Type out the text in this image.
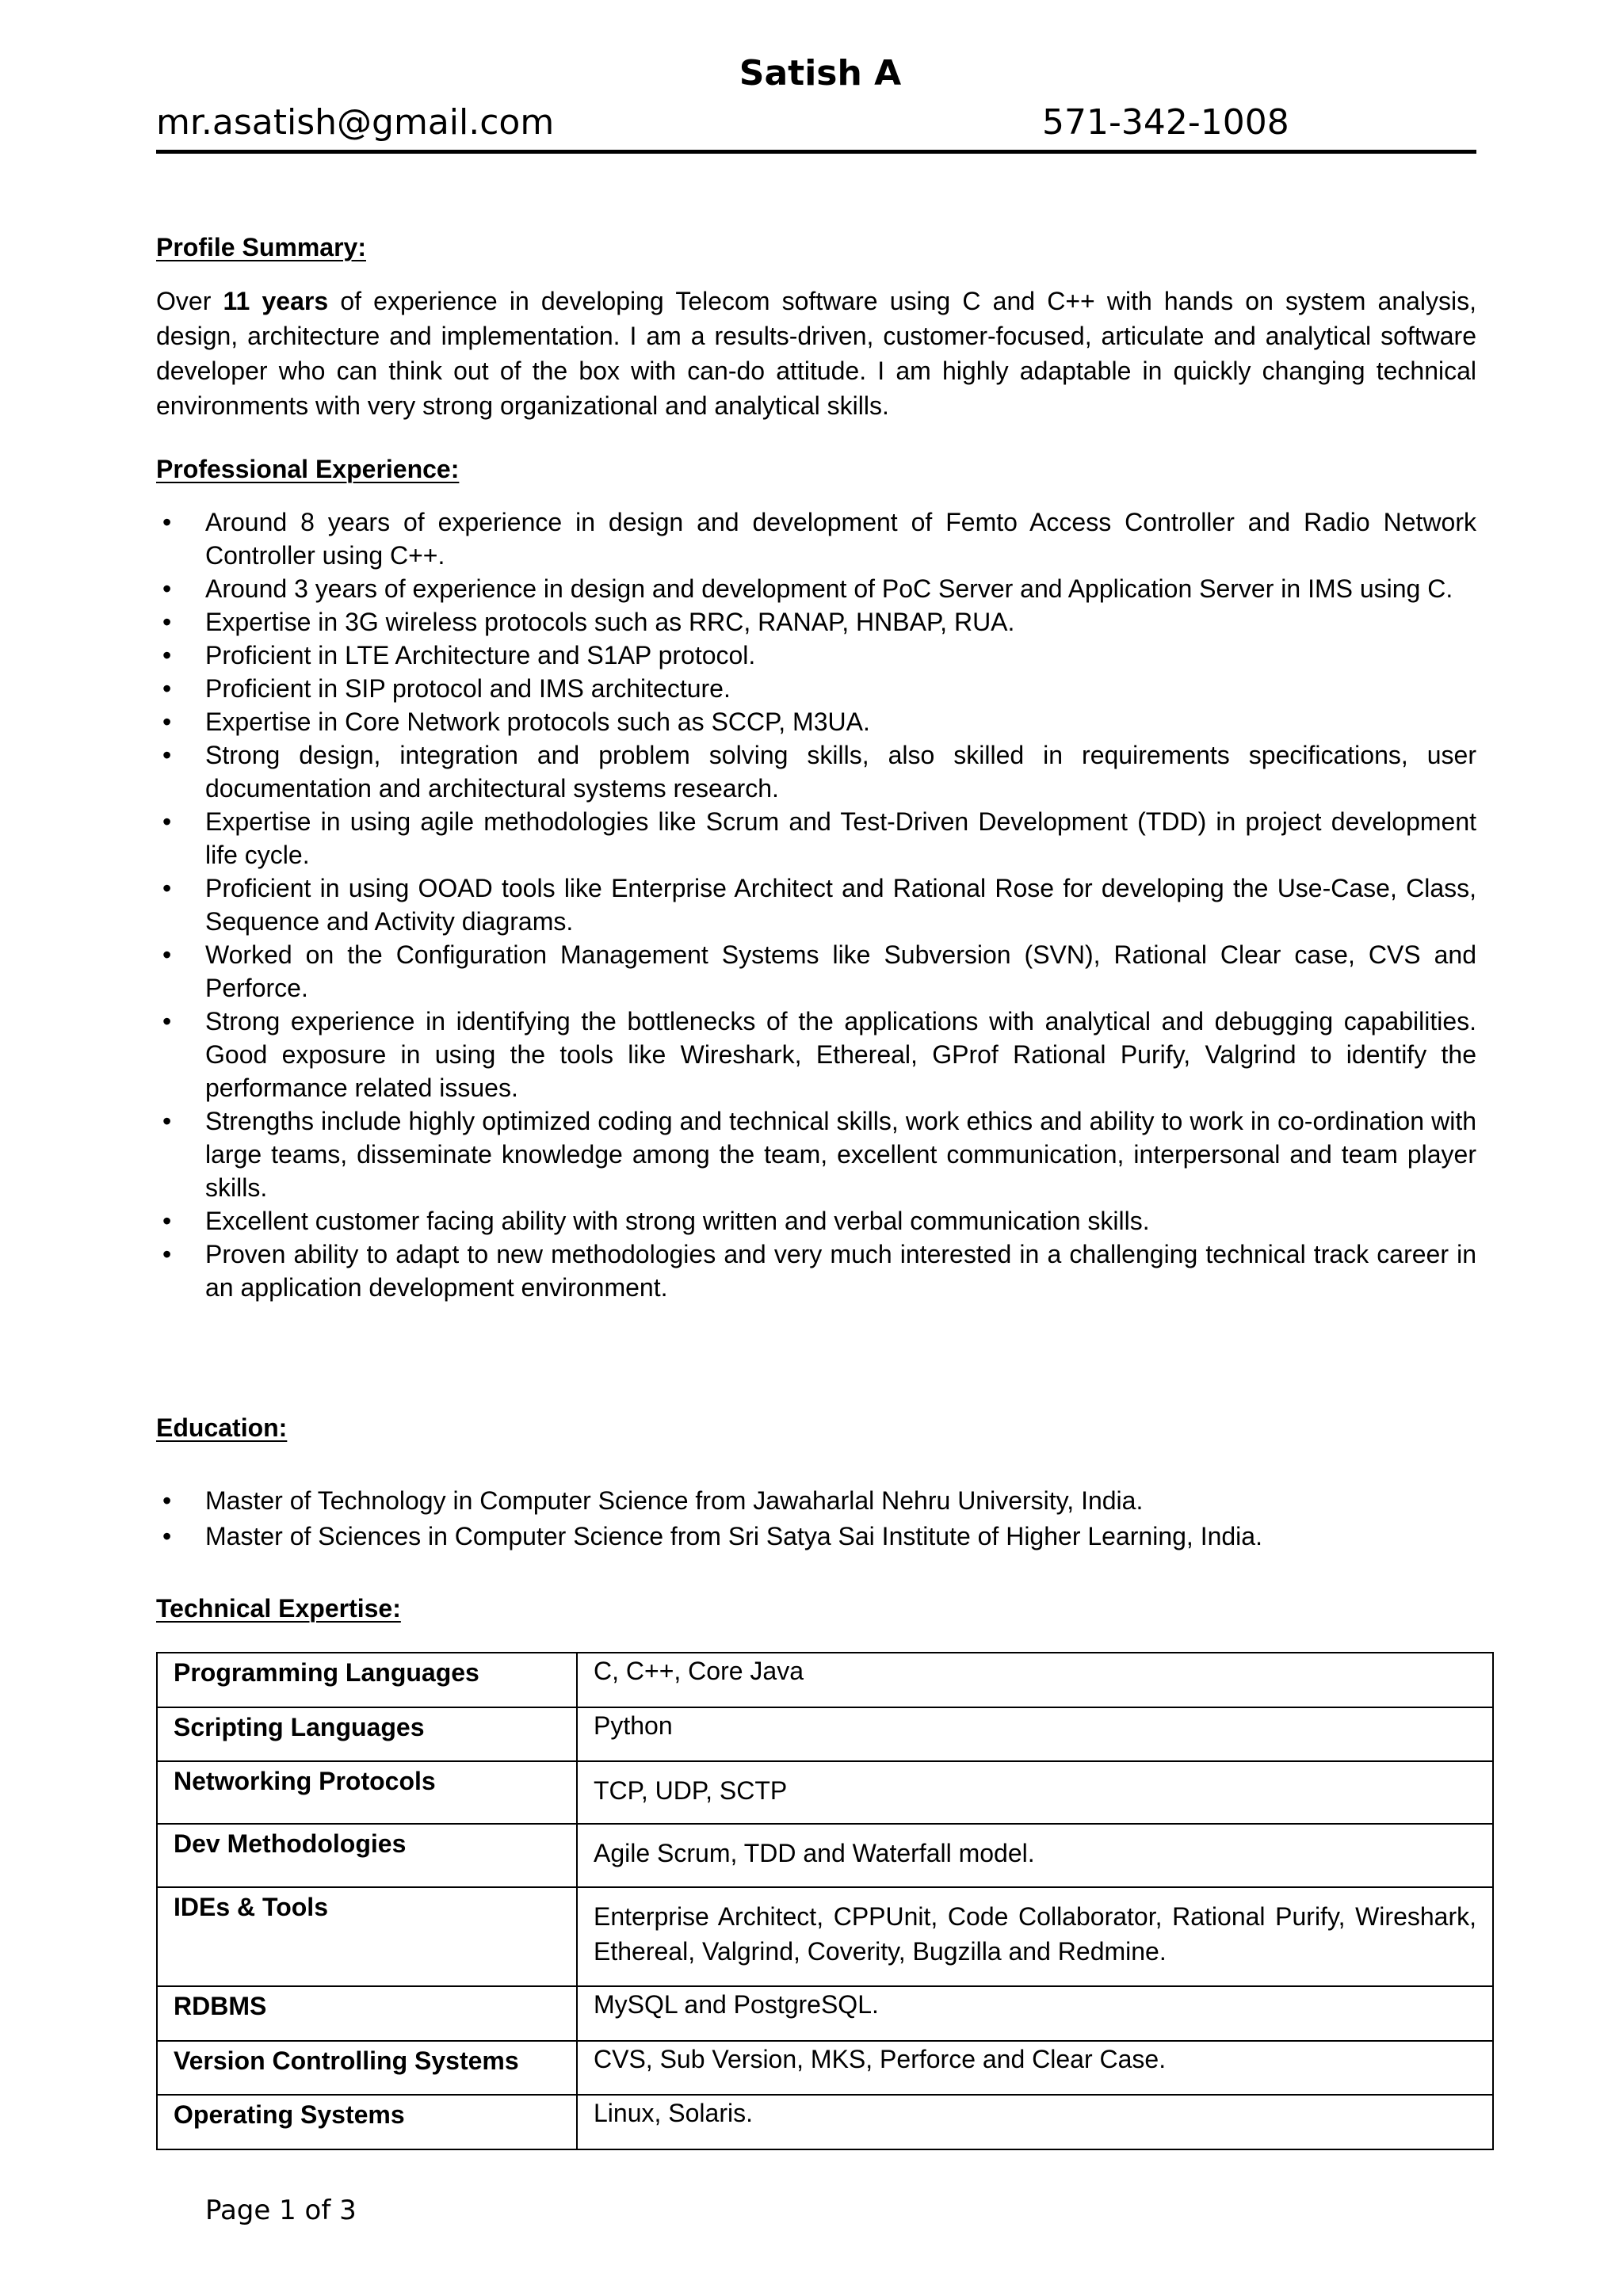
Satish A
mr.asatish@gmail.com	571-342-1008
Profile Summary:
Over 11 years of experience in developing Telecom software using C and C++ with hands on system analysis, design, architecture and implementation. I am a results-driven, customer-focused, articulate and analytical software developer who can think out of the box with can-do attitude. I am highly adaptable in quickly changing technical environments with very strong organizational and analytical skills.
Professional Experience:
• Around 8 years of experience in design and development of Femto Access Controller and Radio Network Controller using C++.
• Around 3 years of experience in design and development of PoC Server and Application Server in IMS using C.
• Expertise in 3G wireless protocols such as RRC, RANAP, HNBAP, RUA.
• Proficient in LTE Architecture and S1AP protocol.
• Proficient in SIP protocol and IMS architecture.
• Expertise in Core Network protocols such as SCCP, M3UA.
• Strong design, integration and problem solving skills, also skilled in requirements specifications, user documentation and architectural systems research.
• Expertise in using agile methodologies like Scrum and Test-Driven Development (TDD) in project development life cycle.
• Proficient in using OOAD tools like Enterprise Architect and Rational Rose for developing the Use-Case, Class, Sequence and Activity diagrams.
• Worked on the Configuration Management Systems like Subversion (SVN), Rational Clear case, CVS and Perforce.
• Strong experience in identifying the bottlenecks of the applications with analytical and debugging capabilities. Good exposure in using the tools like Wireshark, Ethereal, GProf Rational Purify, Valgrind to identify the performance related issues.
• Strengths include highly optimized coding and technical skills, work ethics and ability to work in co-ordination with large teams, disseminate knowledge among the team, excellent communication, interpersonal and team player skills.
• Excellent customer facing ability with strong written and verbal communication skills.
• Proven ability to adapt to new methodologies and very much interested in a challenging technical track career in an application development environment.
Education:
• Master of Technology in Computer Science from Jawaharlal Nehru University, India.
• Master of Sciences in Computer Science from Sri Satya Sai Institute of Higher Learning, India.
Technical Expertise:
Programming Languages	C, C++, Core Java
Scripting Languages	Python
Networking Protocols	TCP, UDP, SCTP
Dev Methodologies	Agile Scrum, TDD and Waterfall model.
IDEs & Tools	Enterprise Architect, CPPUnit, Code Collaborator, Rational Purify, Wireshark, Ethereal, Valgrind, Coverity, Bugzilla and Redmine.
RDBMS	MySQL and PostgreSQL.
Version Controlling Systems	CVS, Sub Version, MKS, Perforce and Clear Case.
Operating Systems	Linux, Solaris.
Page 1 of 3
